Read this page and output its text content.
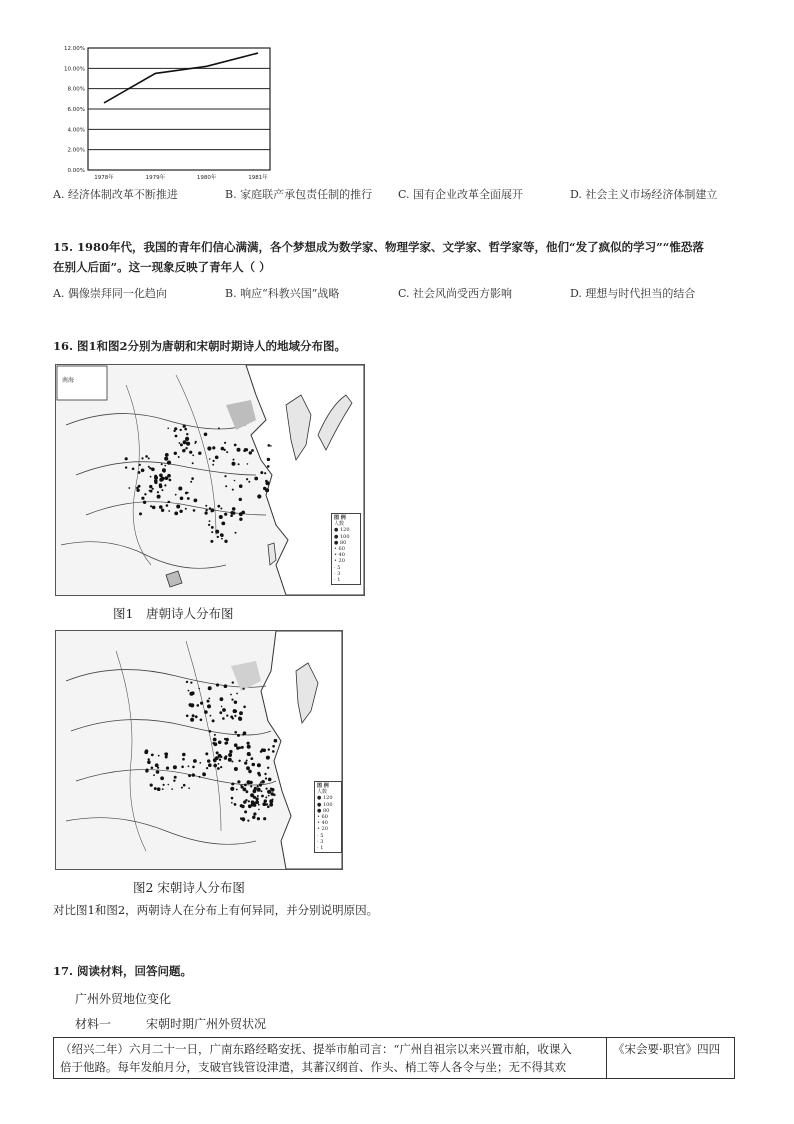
0.00%
2.00%
4.00%
6.00%
8.00%
10.00%
12.00%
1978年	1979年	1980年	1981年
A. 经济体制改革不断推进	B. 家庭联产承包责任制的推行 C. 国有企业改革全面展开	D. 社会主义市场经济体制建立
15. 1980年代，我国的青年们信心满满，各个梦想成为数学家、物理学家、文学家、哲学家等，他们“发了疯似的学习”“惟恐落
在别人后面”。这一现象反映了青年人（ ）
A. 偶像崇拜同一化趋向	B. 响应“科教兴国”战略	C. 社会风尚受西方影响	D. 理想与时代担当的结合
16. 图1和图2分别为唐朝和宋朝时期诗人的地域分布图。
南海
图 例
人数
● 120
● 100
● 80
• 60
• 40
• 20
· 5
· 3
· 1
图1　唐朝诗人分布图
图 例
人数
● 120
● 100
● 80
• 60
• 40
• 20
· 5
· 3
· 1
图2 宋朝诗人分布图
对比图1和图2，两朝诗人在分布上有何异同，并分别说明原因。
17. 阅读材料，回答问题。
广州外贸地位变化
材料一	宋朝时期广州外贸状况
（绍兴二年）六月二十一日，广南东路经略安抚、提举市舶司言：“广州自祖宗以来兴置市舶，收课入
倍于他路。每年发舶月分，支破官钱管设津遣，其蕃汉纲首、作头、梢工等人各令与坐；无不得其欢
	《宋会要·职官》四四
